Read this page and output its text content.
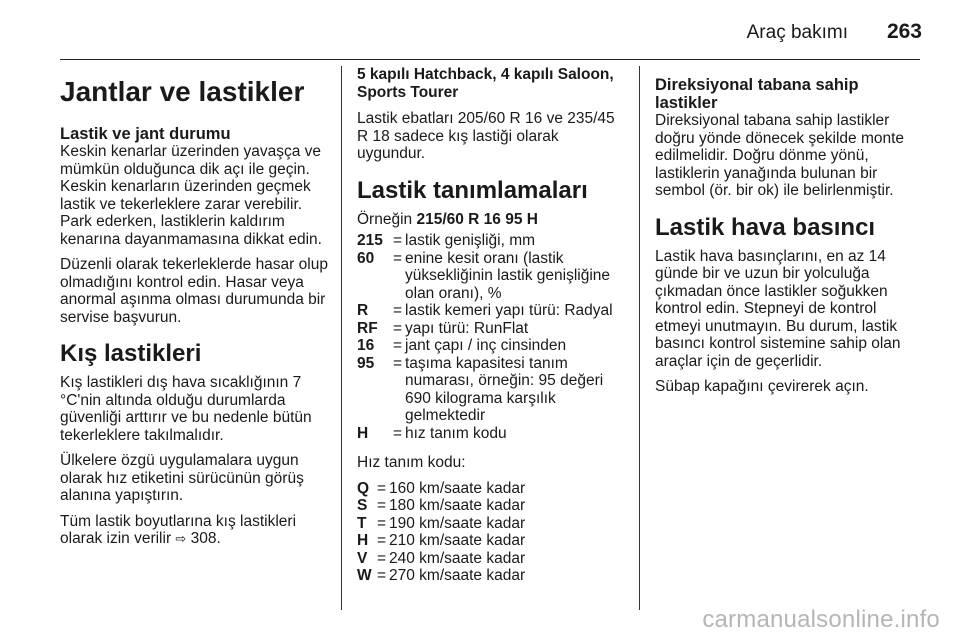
Araç bakımı 263
Jantlar ve lastikler
Lastik ve jant durumu

Keskin kenarlar üzerinden yavaşça ve mümkün olduğunca dik açı ile geçin. Keskin kenarların üzerinden geçmek lastik ve tekerleklere zarar verebilir. Park ederken, lastiklerin kaldırım kenarına dayanmamasına dikkat edin.

Düzenli olarak tekerleklerde hasar olup olmadığını kontrol edin. Hasar veya anormal aşınma olması durumunda bir servise başvurun.

Kış lastikleri

Kış lastikleri dış hava sıcaklığının 7 °C'nin altında olduğu durumlarda güvenliği arttırır ve bu nedenle bütün tekerleklere takılmalıdır.

Ülkelere özgü uygulamalara uygun olarak hız etiketini sürücünün görüş alanına yapıştırın.

Tüm lastik boyutlarına kış lastikleri olarak izin verilir ⇨ 308.

5 kapılı Hatchback, 4 kapılı Saloon, Sports Tourer

Lastik ebatları 205/60 R 16 ve 235/45 R 18 sadece kış lastiği olarak uygundur.

Lastik tanımlamaları

Örneğin 215/60 R 16 95 H

215 = lastik genişliği, mm
60	= enine kesit oranı (lastik yüksekliğinin lastik genişliğine olan oranı), %
R	= lastik kemeri yapı türü: Radyal
RF = yapı türü: RunFlat
16	= jant çapı / inç cinsinden
95	= taşıma kapasitesi tanım numarası, örneğin: 95 değeri 690 kilograma karşılık gelmektedir
H	= hız tanım kodu

Hız tanım kodu:

Q = 160 km/saate kadar
S = 180 km/saate kadar
T = 190 km/saate kadar
H = 210 km/saate kadar
V = 240 km/saate kadar
W = 270 km/saate kadar
Direksiyonal tabana sahip lastikler

Direksiyonal tabana sahip lastikler doğru yönde dönecek şekilde monte edilmelidir. Doğru dönme yönü, lastiklerin yanağında bulunan bir sembol (ör. bir ok) ile belirlenmiştir.

Lastik hava basıncı

Lastik hava basınçlarını, en az 14 günde bir ve uzun bir yolculuğa çıkmadan önce lastikler soğukken kontrol edin. Stepneyi de kontrol etmeyi unutmayın. Bu durum, lastik basıncı kontrol sistemine sahip olan araçlar için de geçerlidir.

Sübap kapağını çevirerek açın.

carmanualsonline.info
